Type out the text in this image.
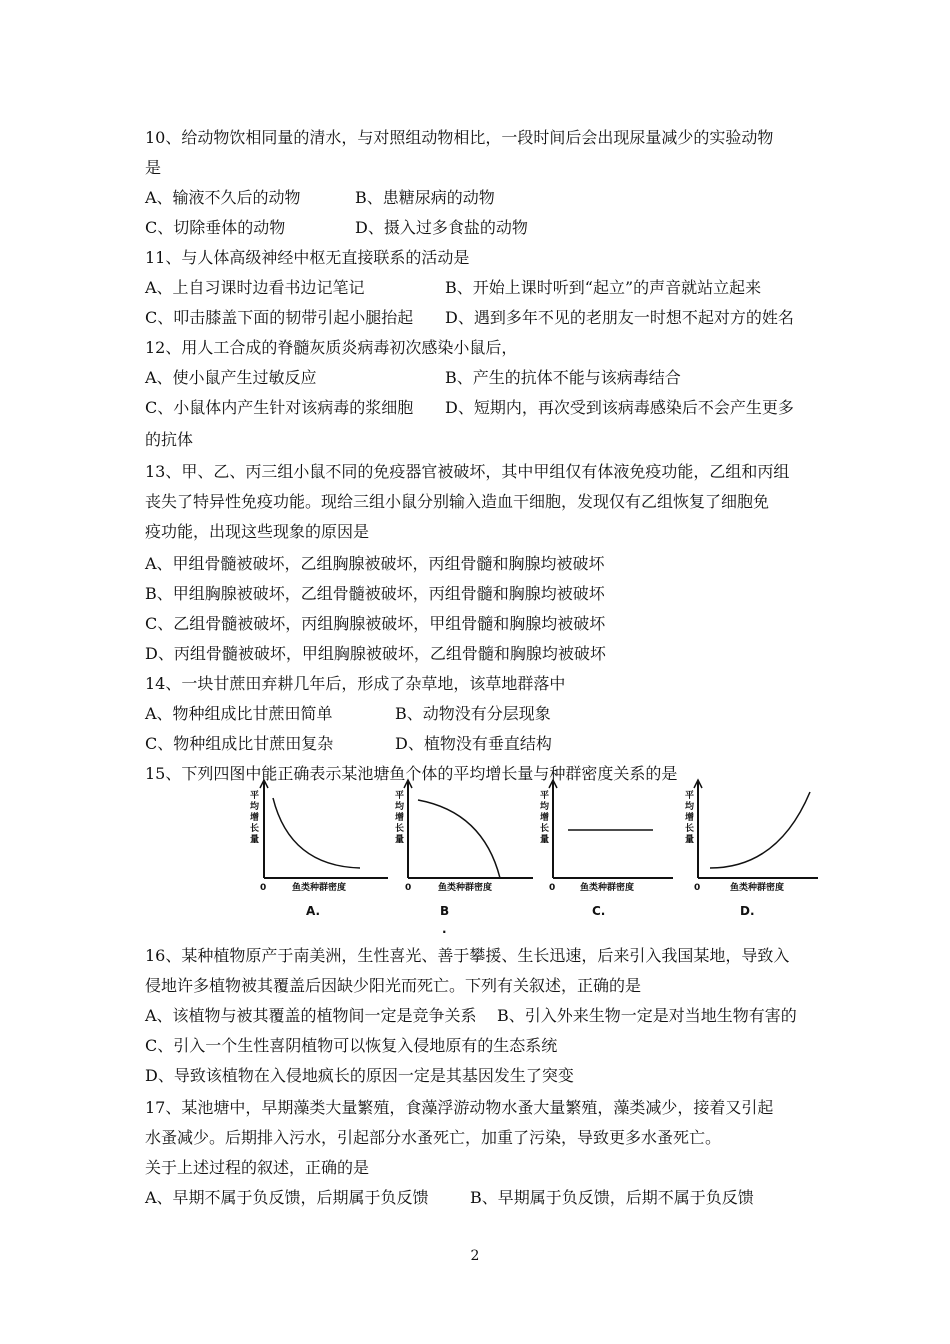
10、给动物饮相同量的清水，与对照组动物相比，一段时间后会出现尿量减少的实验动物
是
A、输液不久后的动物	B、患糖尿病的动物
C、切除垂体的动物	D、摄入过多食盐的动物
11、与人体高级神经中枢无直接联系的活动是
A、上自习课时边看书边记笔记	B、开始上课时听到“起立”的声音就站立起来
C、叩击膝盖下面的韧带引起小腿抬起 D、遇到多年不见的老朋友一时想不起对方的姓名
12、用人工合成的脊髓灰质炎病毒初次感染小鼠后，
A、使小鼠产生过敏反应	B、产生的抗体不能与该病毒结合
C、小鼠体内产生针对该病毒的浆细胞 D、短期内，再次受到该病毒感染后不会产生更多
的抗体
13、甲、乙、丙三组小鼠不同的免疫器官被破坏，其中甲组仅有体液免疫功能，乙组和丙组
丧失了特异性免疫功能。现给三组小鼠分别输入造血干细胞，发现仅有乙组恢复了细胞免
疫功能，出现这些现象的原因是
A、甲组骨髓被破坏，乙组胸腺被破坏，丙组骨髓和胸腺均被破坏
B、甲组胸腺被破坏，乙组骨髓被破坏，丙组骨髓和胸腺均被破坏
C、乙组骨髓被破坏，丙组胸腺被破坏，甲组骨髓和胸腺均被破坏
D、丙组骨髓被破坏，甲组胸腺被破坏，乙组骨髓和胸腺均被破坏
14、一块甘蔗田弃耕几年后，形成了杂草地，该草地群落中
A、物种组成比甘蔗田简单	B、动物没有分层现象
C、物种组成比甘蔗田复杂	D、植物没有垂直结构
15、下列四图中能正确表示某池塘鱼个体的平均增长量与种群密度关系的是
平
均
增
长
量
0	鱼类种群密度
A.
平
均
增
长
量
0	鱼类种群密度
B
.
平
均
增
长
量
0	鱼类种群密度
C.
平
均
增
长
量
0	鱼类种群密度
D.
16、某种植物原产于南美洲，生性喜光、善于攀援、生长迅速，后来引入我国某地，导致入
侵地许多植物被其覆盖后因缺少阳光而死亡。下列有关叙述，正确的是
A、该植物与被其覆盖的植物间一定是竞争关系 B、引入外来生物一定是对当地生物有害的
C、引入一个生性喜阴植物可以恢复入侵地原有的生态系统
D、导致该植物在入侵地疯长的原因一定是其基因发生了突变
17、某池塘中，早期藻类大量繁殖，食藻浮游动物水蚤大量繁殖，藻类减少，接着又引起
水蚤减少。后期排入污水，引起部分水蚤死亡，加重了污染，导致更多水蚤死亡。
关于上述过程的叙述，正确的是
A、早期不属于负反馈，后期属于负反馈	B、早期属于负反馈，后期不属于负反馈
2
